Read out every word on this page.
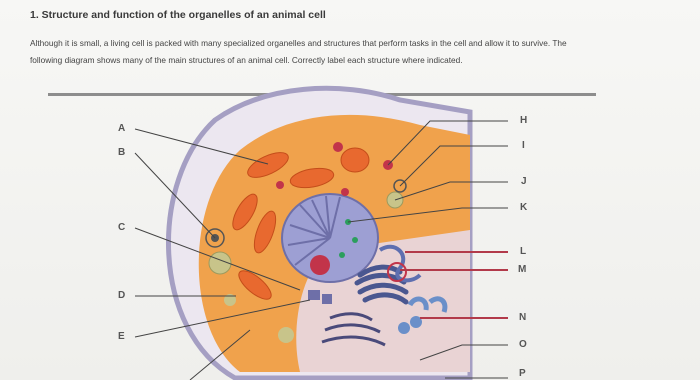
1. Structure and function of the organelles of an animal cell
Although it is small, a living cell is packed with many specialized organelles and structures that perform tasks in the cell and allow it to survive. The
following diagram shows many of the main structures of an animal cell. Correctly label each structure where indicated.
A
B
C
D
E
H
I
J
K
L
M
N
O
P
